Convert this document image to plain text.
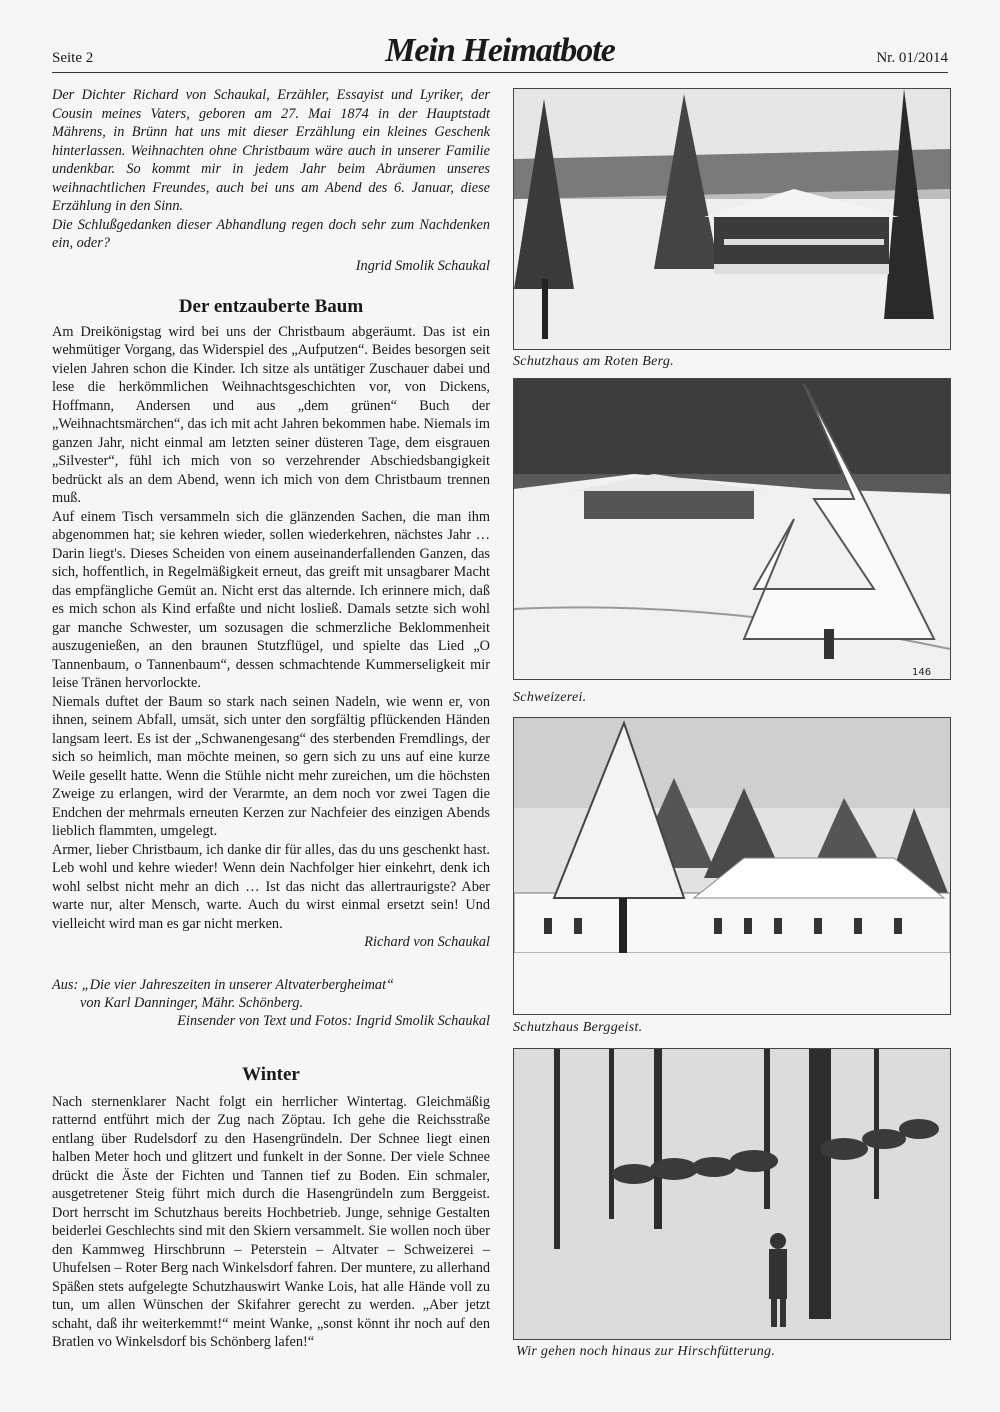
Seite 2	Mein Heimatbote	Nr. 01/2014

Der Dichter Richard von Schaukal, Erzähler, Essayist und Lyriker, der Cousin meines Vaters, geboren am 27. Mai 1874 in der Hauptstadt Mährens, in Brünn hat uns mit dieser Erzählung ein kleines Geschenk hinterlassen. Weihnachten ohne Christbaum wäre auch in unserer Familie undenkbar. So kommt mir in jedem Jahr beim Abräumen unseres weihnachtlichen Freundes, auch bei uns am Abend des 6. Januar, diese Erzählung in den Sinn.

Die Schlußgedanken dieser Abhandlung regen doch sehr zum Nachdenken ein, oder?

Ingrid Smolik Schaukal

Der entzauberte Baum

Am Dreikönigstag wird bei uns der Christbaum abgeräumt. Das ist ein wehmütiger Vorgang, das Widerspiel des „Aufputzen“. Beides besorgen seit vielen Jahren schon die Kinder. Ich sitze als untätiger Zuschauer dabei und lese die herkömmlichen Weihnachtsgeschichten vor, von Dickens, Hoffmann, Andersen und aus „dem grünen“ Buch der „Weihnachtsmärchen“, das ich mit acht Jahren bekommen habe. Niemals im ganzen Jahr, nicht einmal am letzten seiner düsteren Tage, dem eisgrauen „Silvester“, fühl ich mich von so verzehrender Abschiedsbangigkeit bedrückt als an dem Abend, wenn ich mich von dem Christbaum trennen muß.

Auf einem Tisch versammeln sich die glänzenden Sachen, die man ihm abgenommen hat; sie kehren wieder, sollen wiederkehren, nächstes Jahr … Darin liegt's. Dieses Scheiden von einem auseinanderfallenden Ganzen, das sich, hoffentlich, in Regelmäßigkeit erneut, das greift mit unsagbarer Macht das empfängliche Gemüt an. Nicht erst das alternde. Ich erinnere mich, daß es mich schon als Kind erfaßte und nicht losließ. Damals setzte sich wohl gar manche Schwester, um sozusagen die schmerzliche Beklommenheit auszugenießen, an den braunen Stutzflügel, und spielte das Lied „O Tannenbaum, o Tannenbaum“, dessen schmachtende Kummerseligkeit mir leise Tränen hervorlockte.

Niemals duftet der Baum so stark nach seinen Nadeln, wie wenn er, von ihnen, seinem Abfall, umsät, sich unter den sorgfältig pflückenden Händen langsam leert. Es ist der „Schwanengesang“ des sterbenden Fremdlings, der sich so heimlich, man möchte meinen, so gern sich zu uns auf eine kurze Weile gesellt hatte. Wenn die Stühle nicht mehr zureichen, um die höchsten Zweige zu erlangen, wird der Verarmte, an dem noch vor zwei Tagen die Endchen der mehrmals erneuten Kerzen zur Nachfeier des einzigen Abends lieblich flammten, umgelegt.

Armer, lieber Christbaum, ich danke dir für alles, das du uns geschenkt hast. Leb wohl und kehre wieder! Wenn dein Nachfolger hier einkehrt, denk ich wohl selbst nicht mehr an dich … Ist das nicht das allertraurigste? Aber warte nur, alter Mensch, warte. Auch du wirst einmal ersetzt sein! Und vielleicht wird man es gar nicht merken.

Richard von Schaukal

Aus: „Die vier Jahreszeiten in unserer Altvaterbergheimat“
von Karl Danninger, Mähr. Schönberg.
Einsender von Text und Fotos: Ingrid Smolik Schaukal
Winter

Nach sternenklarer Nacht folgt ein herrlicher Wintertag. Gleichmäßig ratternd entführt mich der Zug nach Zöptau. Ich gehe die Reichsstraße entlang über Rudelsdorf zu den Hasengründeln. Der Schnee liegt einen halben Meter hoch und glitzert und funkelt in der Sonne. Der viele Schnee drückt die Äste der Fichten und Tannen tief zu Boden. Ein schmaler, ausgetretener Steig führt mich durch die Hasengründeln zum Berggeist. Dort herrscht im Schutzhaus bereits Hochbetrieb. Junge, sehnige Gestalten beiderlei Geschlechts sind mit den Skiern versammelt. Sie wollen noch über den Kammweg Hirschbrunn – Peterstein – Altvater – Schweizerei – Uhufelsen – Roter Berg nach Winkelsdorf fahren. Der muntere, zu allerhand Späßen stets aufgelegte Schutzhauswirt Wanke Lois, hat alle Hände voll zu tun, um allen Wünschen der Skifahrer gerecht zu werden. „Aber jetzt schaht, daß ihr weiterkemmt!“ meint Wanke, „sonst könnt ihr noch auf den Bratlen vo Winkelsdorf bis Schönberg lafen!“

Schutzhaus am Roten Berg.
146
Schweizerei.
Schutzhaus Berggeist.
Wir gehen noch hinaus zur Hirschfütterung.
